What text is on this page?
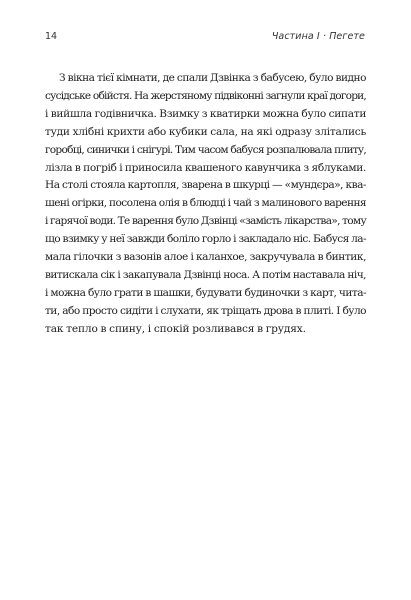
14	Частина I · Пегете
З вікна тієї кімнати, де спали Дзвінка з бабусею, було видно
сусідське обійстя. На жерстяному підвіконні загнули краї догори,
і вийшла годівничка. Взимку з кватирки можна було сипати
туди хлібні крихти або кубики сала, на які одразу злітались
горобці, синички і снігурі. Тим часом бабуся розпалювала плиту,
лізла в погріб і приносила квашеного кавунчика з яблуками.
На столі стояла картопля, зварена в шкурці — «мундєра», ква-
шені огірки, посолена олія в блюдці і чай з малинового варення
і гарячої води. Те варення було Дзвінці «замість лікарства», тому
що взимку у неї завжди боліло горло і закладало ніс. Бабуся ла-
мала гілочки з вазонів алое і каланхое, закручувала в бинтик,
витискала сік і закапувала Дзвінці носа. А потім наставала ніч,
і можна було грати в шашки, будувати будиночки з карт, чита-
ти, або просто сидіти і слухати, як тріщать дрова в плиті. І було
так тепло в спину, і спокій розливався в грудях.
